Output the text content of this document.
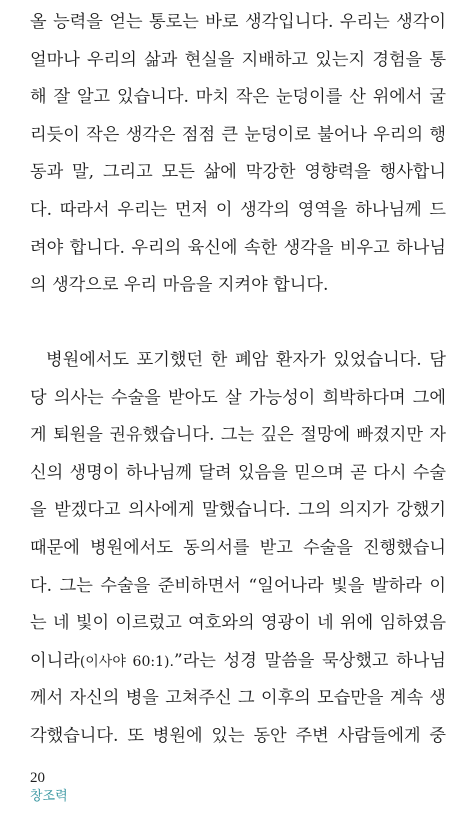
올 능력을 얻는 통로는 바로 생각입니다. 우리는 생각이
얼마나 우리의 삶과 현실을 지배하고 있는지 경험을 통
해 잘 알고 있습니다. 마치 작은 눈덩이를 산 위에서 굴
리듯이 작은 생각은 점점 큰 눈덩이로 불어나 우리의 행
동과 말, 그리고 모든 삶에 막강한 영향력을 행사합니
다. 따라서 우리는 먼저 이 생각의 영역을 하나님께 드
려야 합니다. 우리의 육신에 속한 생각을 비우고 하나님
의 생각으로 우리 마음을 지켜야 합니다.
병원에서도 포기했던 한 폐암 환자가 있었습니다. 담
당 의사는 수술을 받아도 살 가능성이 희박하다며 그에
게 퇴원을 권유했습니다. 그는 깊은 절망에 빠졌지만 자
신의 생명이 하나님께 달려 있음을 믿으며 곧 다시 수술
을 받겠다고 의사에게 말했습니다. 그의 의지가 강했기
때문에 병원에서도 동의서를 받고 수술을 진행했습니
다. 그는 수술을 준비하면서 “일어나라 빛을 발하라 이
는 네 빛이 이르렀고 여호와의 영광이 네 위에 임하였음
이니라(이사야 60:1).”라는 성경 말씀을 묵상했고 하나님
께서 자신의 병을 고쳐주신 그 이후의 모습만을 계속 생
각했습니다. 또 병원에 있는 동안 주변 사람들에게 중
20
창조력
